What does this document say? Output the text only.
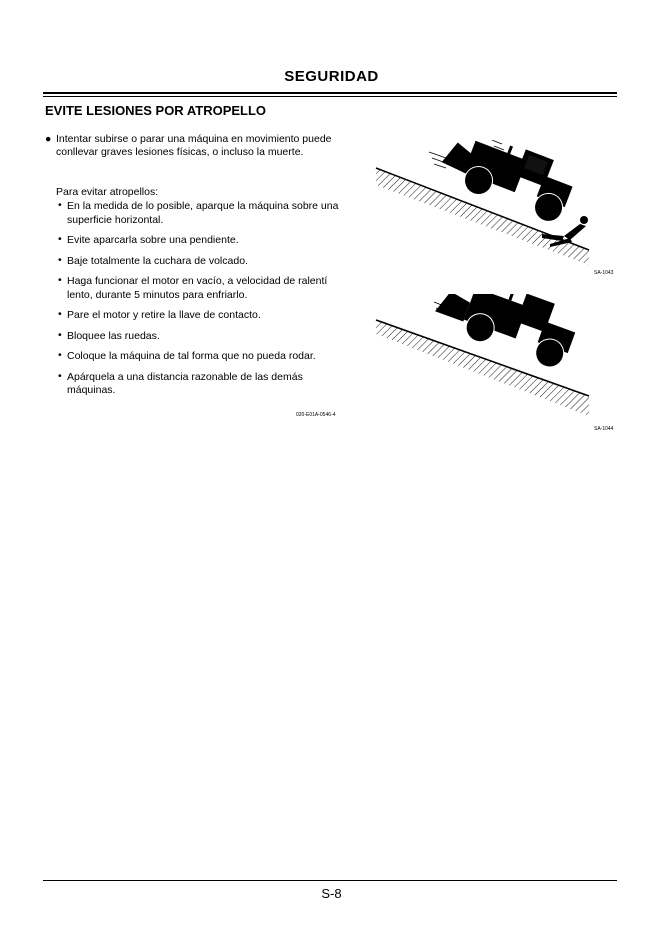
SEGURIDAD
EVITE LESIONES POR ATROPELLO
● Intentar subirse o parar una máquina en movimiento puede conllevar graves lesiones físicas, o incluso la muerte.
Para evitar atropellos:
• En la medida de lo posible, aparque la máquina sobre una superficie horizontal.
• Evite aparcarla sobre una pendiente.
• Baje totalmente la cuchara de volcado.
• Haga funcionar el motor en vacío, a velocidad de ralentí lento, durante 5 minutos para enfriarlo.
• Pare el motor y retire la llave de contacto.
• Bloquee las ruedas.
• Coloque la máquina de tal forma que no pueda rodar.
• Apárquela a una distancia razonable de las demás máquinas.
020-E01A-0546-4
SA-1043
SA-1044
S-8
